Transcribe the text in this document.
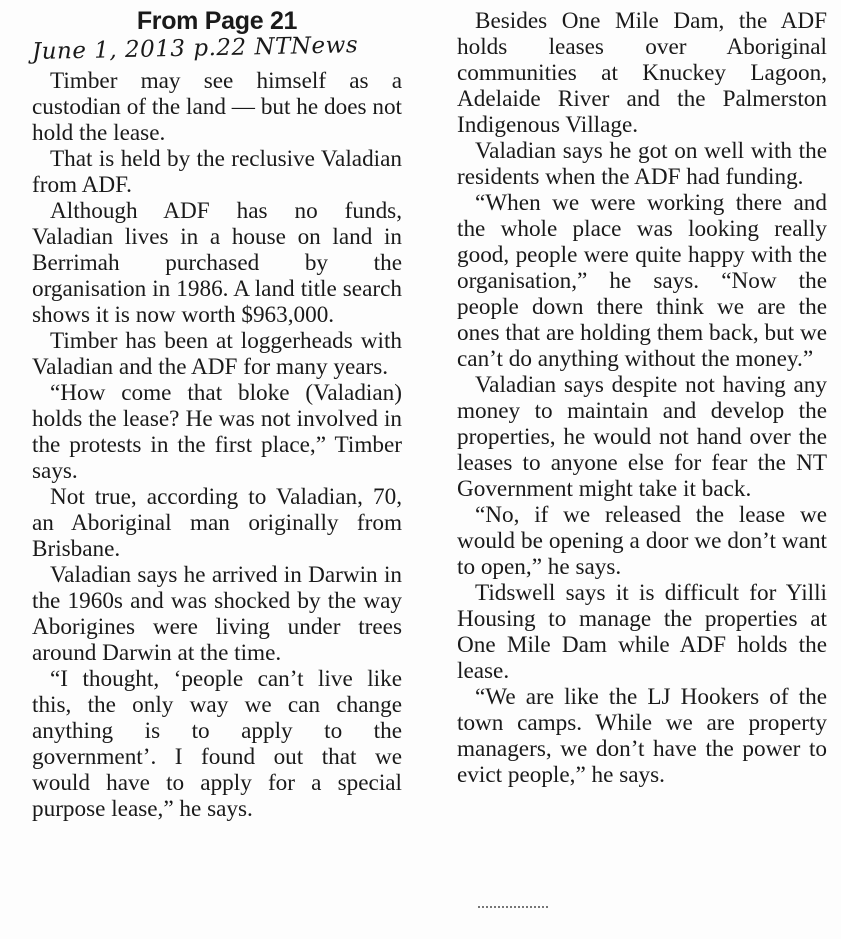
From Page 21
June 1, 2013 p.22 NTNews

Timber may see himself as a custodian of the land — but he does not hold the lease.

That is held by the reclusive Valadian from ADF.

Although ADF has no funds, Valadian lives in a house on land in Berrimah purchased by the organisation in 1986. A land title search shows it is now worth $963,000.

Timber has been at loggerheads with Valadian and the ADF for many years.

“How come that bloke (Valadian) holds the lease? He was not involved in the protests in the first place,” Timber says.

Not true, according to Valadian, 70, an Aboriginal man originally from Brisbane.

Valadian says he arrived in Darwin in the 1960s and was shocked by the way Aborigines were living under trees around Darwin at the time.

“I thought, ‘people can’t live like this, the only way we can change anything is to apply to the government’. I found out that we would have to apply for a special purpose lease,” he says.

Besides One Mile Dam, the ADF holds leases over Aboriginal communities at Knuckey Lagoon, Adelaide River and the Palmerston Indigenous Village.

Valadian says he got on well with the residents when the ADF had funding.

“When we were working there and the whole place was looking really good, people were quite happy with the organisation,” he says. “Now the people down there think we are the ones that are holding them back, but we can’t do anything without the money.”

Valadian says despite not having any money to maintain and develop the properties, he would not hand over the leases to anyone else for fear the NT Government might take it back.

“No, if we released the lease we would be opening a door we don’t want to open,” he says.

Tidswell says it is difficult for Yilli Housing to manage the properties at One Mile Dam while ADF holds the lease.

“We are like the LJ Hookers of the town camps. While we are property managers, we don’t have the power to evict people,” he says.
